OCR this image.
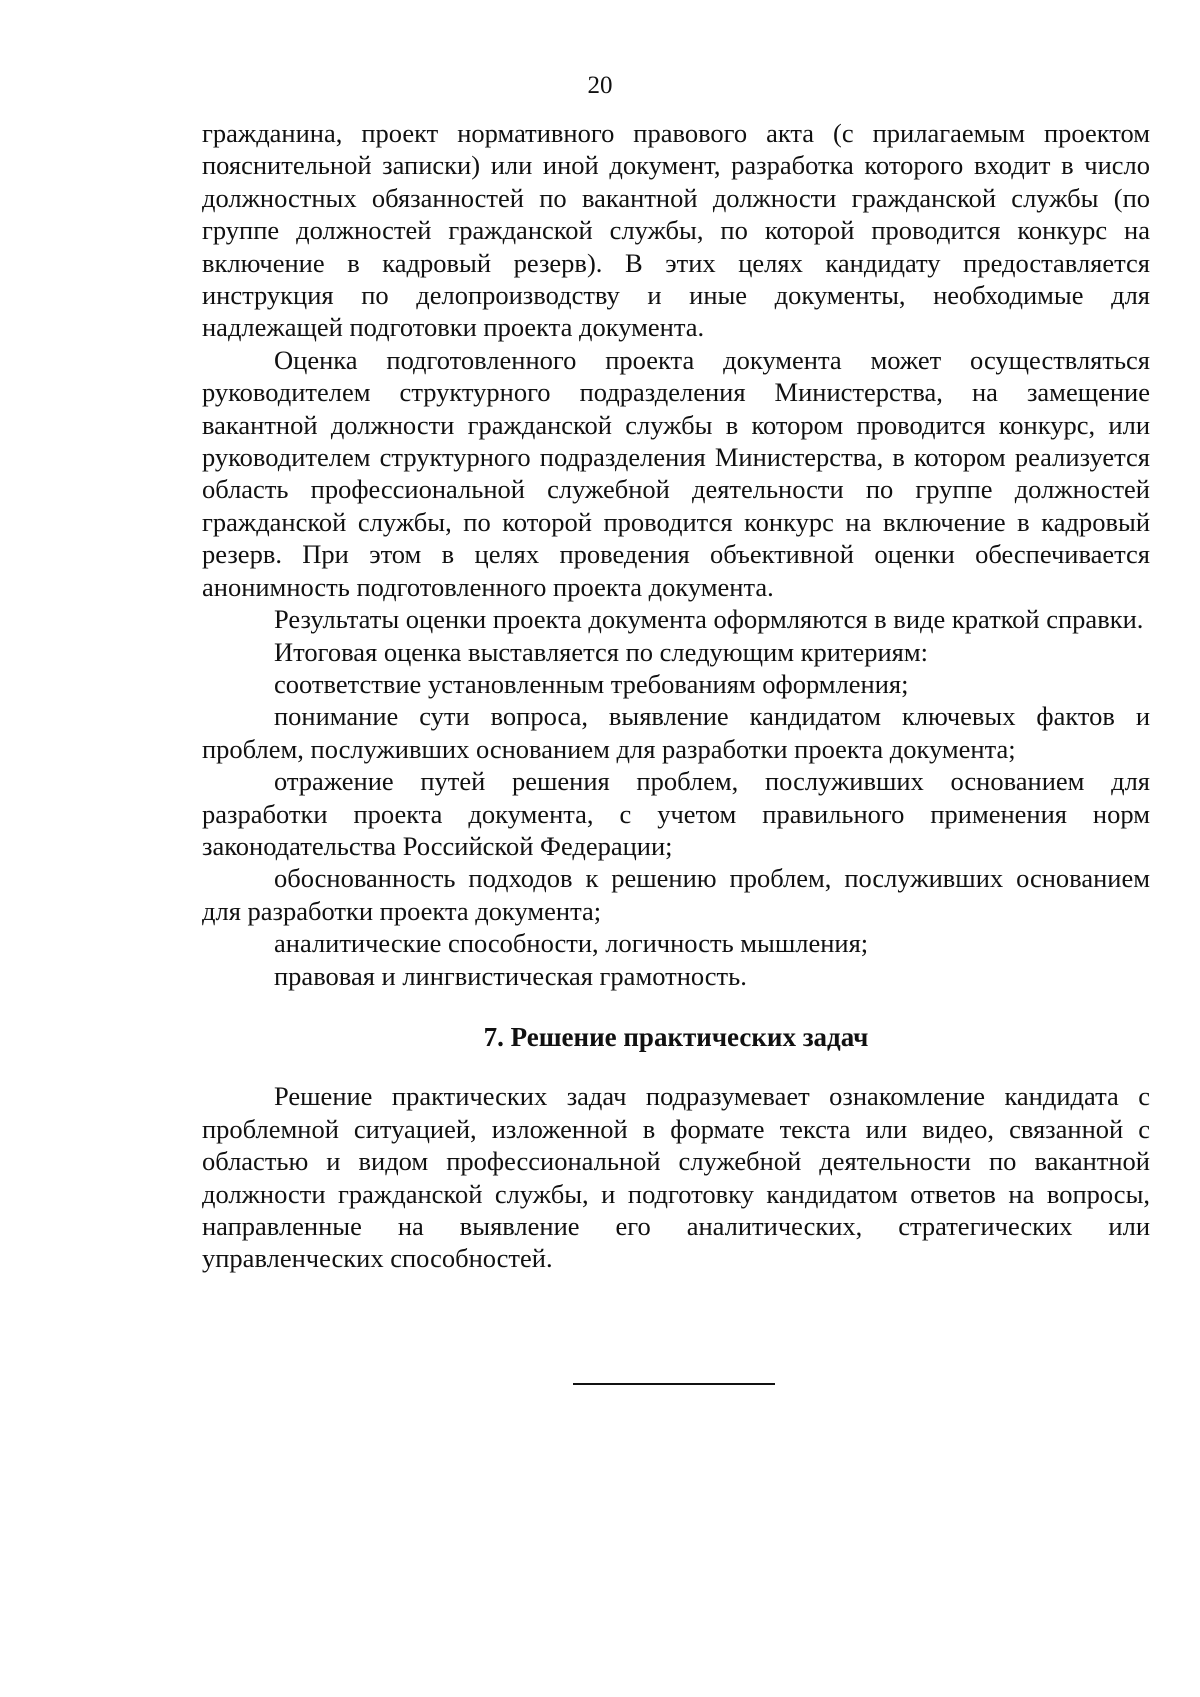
20

гражданина, проект нормативного правового акта (с прилагаемым проектом пояснительной записки) или иной документ, разработка которого входит в число должностных обязанностей по вакантной должности гражданской службы (по группе должностей гражданской службы, по которой проводится конкурс на включение в кадровый резерв). В этих целях кандидату предоставляется инструкция по делопроизводству и иные документы, необходимые для надлежащей подготовки проекта документа.

Оценка подготовленного проекта документа может осуществляться руководителем структурного подразделения Министерства, на замещение вакантной должности гражданской службы в котором проводится конкурс, или руководителем структурного подразделения Министерства, в котором реализуется область профессиональной служебной деятельности по группе должностей гражданской службы, по которой проводится конкурс на включение в кадровый резерв. При этом в целях проведения объективной оценки обеспечивается анонимность подготовленного проекта документа.

Результаты оценки проекта документа оформляются в виде краткой справки.

Итоговая оценка выставляется по следующим критериям:

соответствие установленным требованиям оформления;

понимание сути вопроса, выявление кандидатом ключевых фактов и проблем, послуживших основанием для разработки проекта документа;

отражение путей решения проблем, послуживших основанием для разработки проекта документа, с учетом правильного применения норм законодательства Российской Федерации;

обоснованность подходов к решению проблем, послуживших основанием для разработки проекта документа;

аналитические способности, логичность мышления;

правовая и лингвистическая грамотность.

7. Решение практических задач

Решение практических задач подразумевает ознакомление кандидата с проблемной ситуацией, изложенной в формате текста или видео, связанной с областью и видом профессиональной служебной деятельности по вакантной должности гражданской службы, и подготовку кандидатом ответов на вопросы, направленные на выявление его аналитических, стратегических или управленческих способностей.
